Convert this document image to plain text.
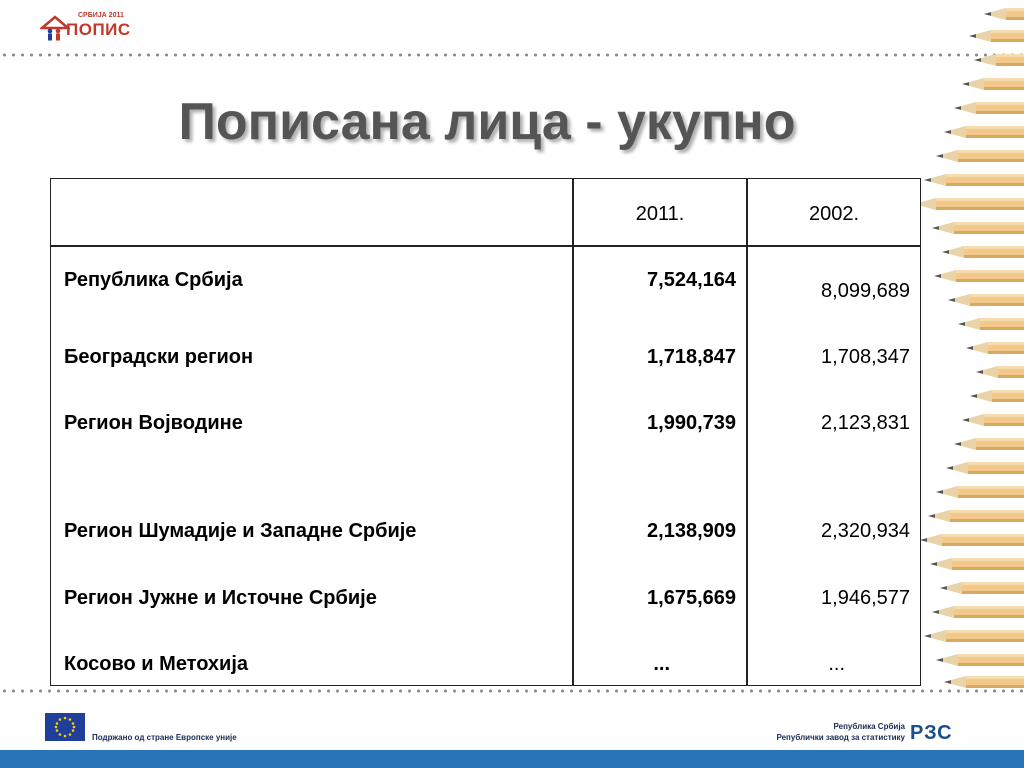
СРБИЈА 2011
ПОПИС
Пописана лица - укупно
2011.	2002.
Република Србија	7,524,164	8,099,689
Београдски регион	1,718,847	1,708,347
Регион Војводине	1,990,739	2,123,831
Регион Шумадије и Западне Србије	2,138,909	2,320,934
Регион Јужне и Источне Србије	1,675,669	1,946,577
Косово и Метохија	...	...
Подржано од стране Европске уније
Република Србија
Републички завод за статистику РЗС
